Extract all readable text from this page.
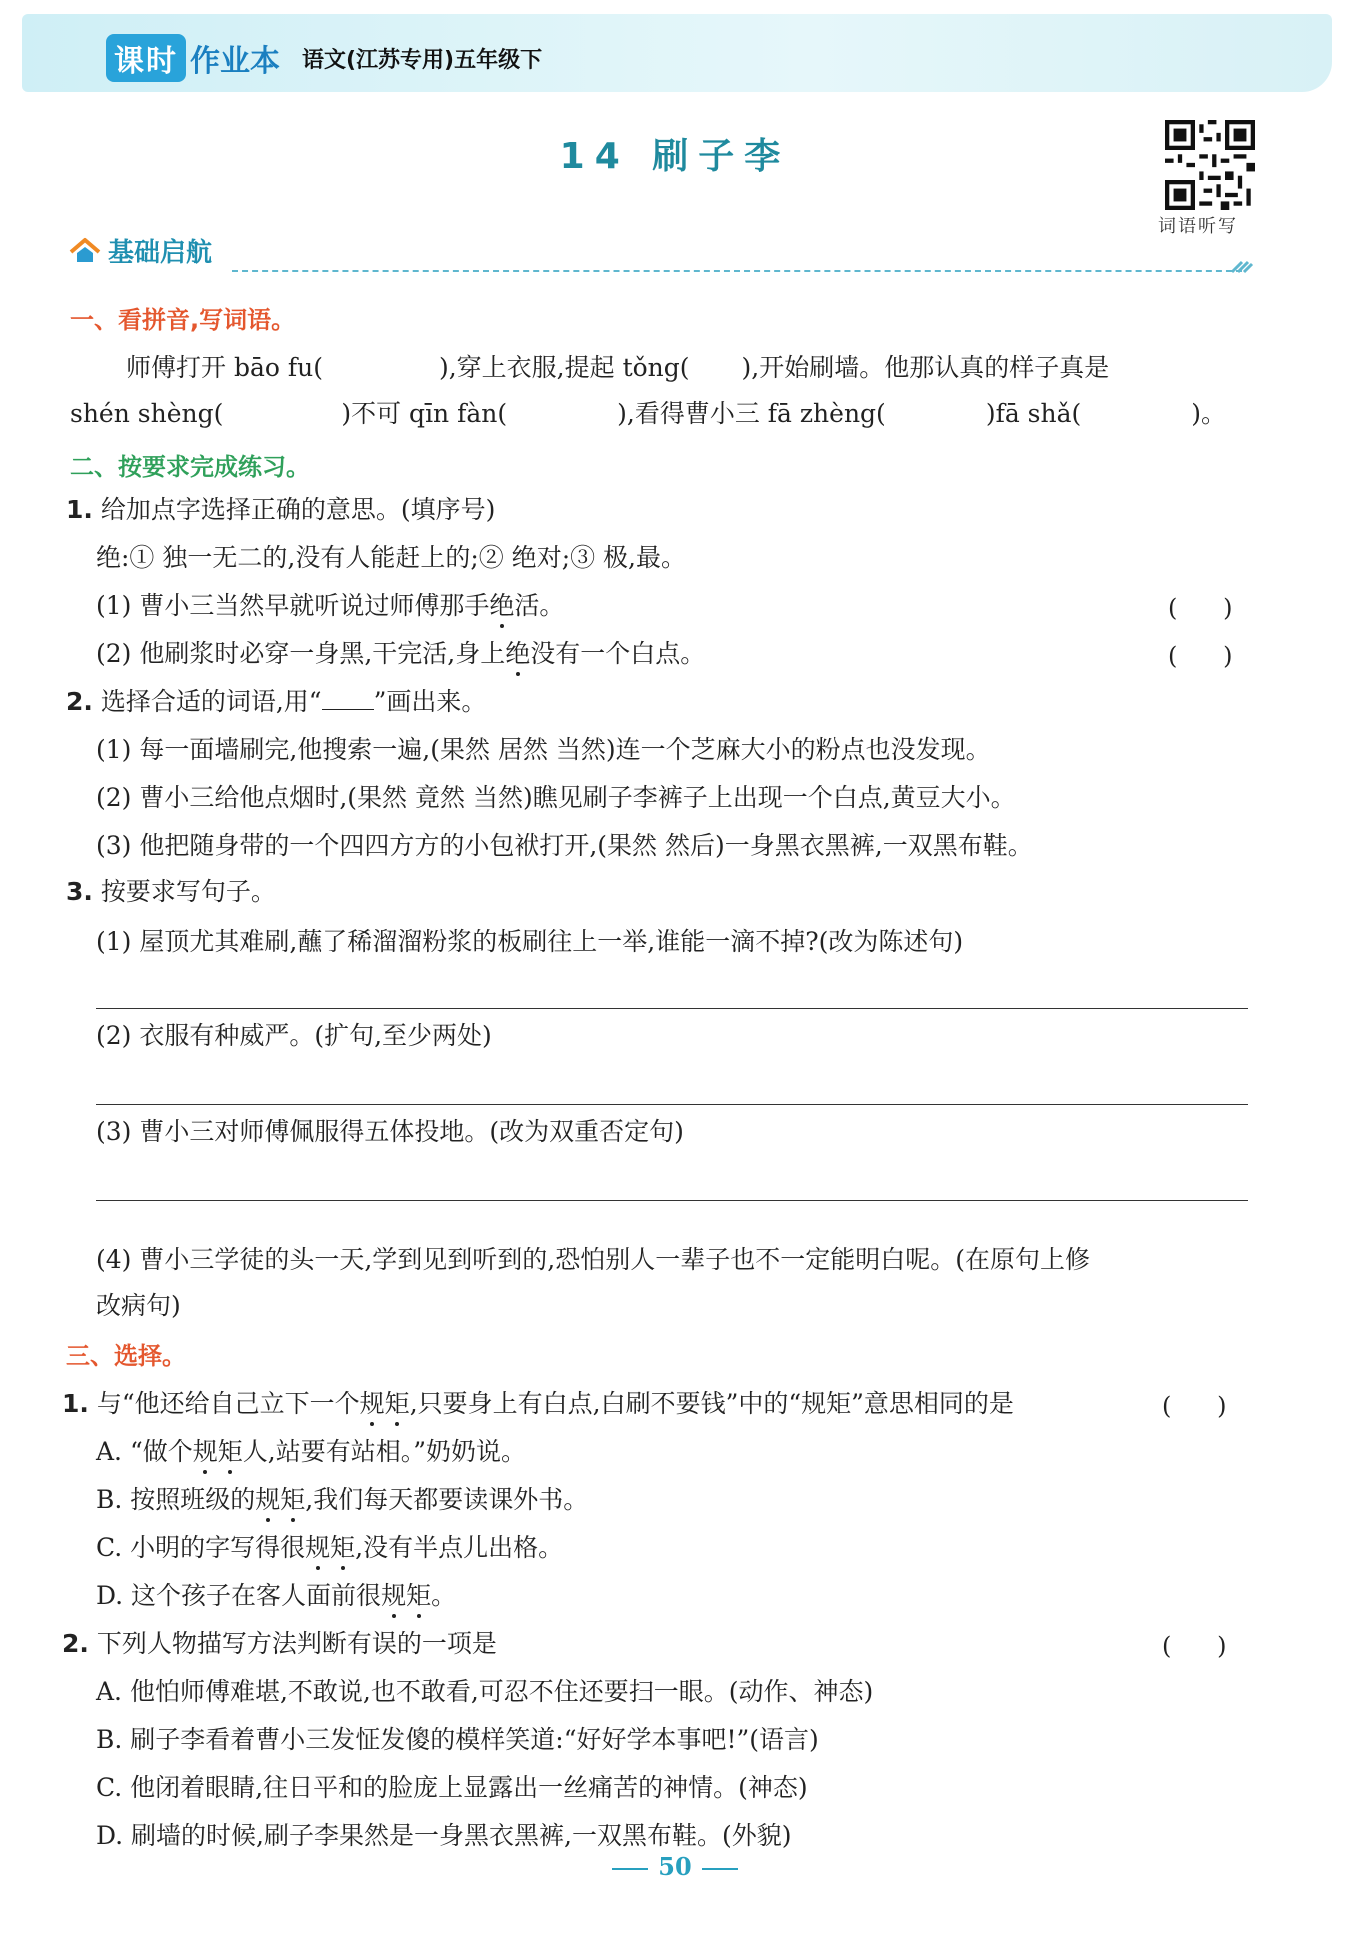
课时 作业本 语文(江苏专用)五年级下
14 刷子李
词语听写
基础启航
一、看拼音,写词语。
师傅打开 bāo fu(	),穿上衣服,提起 tǒng( ),开始刷墙。他那认真的样子真是
shén shèng(	)不可 qīn fàn(	),看得曹小三 fā zhèng(	)fā shǎ(	)。
二、按要求完成练习。
1. 给加点字选择正确的意思。(填序号)
绝:① 独一无二的,没有人能赶上的;② 绝对;③ 极,最。
(1) 曹小三当然早就听说过师傅那手绝活。	(      )
(2) 他刷浆时必穿一身黑,干完活,身上绝没有一个白点。	(      )
2. 选择合适的词语,用“ ”画出来。
(1) 每一面墙刷完,他搜索一遍,(果然 居然 当然)连一个芝麻大小的粉点也没发现。
(2) 曹小三给他点烟时,(果然 竟然 当然)瞧见刷子李裤子上出现一个白点,黄豆大小。
(3) 他把随身带的一个四四方方的小包袱打开,(果然 然后)一身黑衣黑裤,一双黑布鞋。
3. 按要求写句子。
(1) 屋顶尤其难刷,蘸了稀溜溜粉浆的板刷往上一举,谁能一滴不掉?(改为陈述句)
(2) 衣服有种威严。(扩句,至少两处)
(3) 曹小三对师傅佩服得五体投地。(改为双重否定句)
(4) 曹小三学徒的头一天,学到见到听到的,恐怕别人一辈子也不一定能明白呢。(在原句上修
改病句)
三、选择。
1. 与“他还给自己立下一个规矩,只要身上有白点,白刷不要钱”中的“规矩”意思相同的是	(      )
A. “做个规矩人,站要有站相。”奶奶说。
B. 按照班级的规矩,我们每天都要读课外书。
C. 小明的字写得很规矩,没有半点儿出格。
D. 这个孩子在客人面前很规矩。
2. 下列人物描写方法判断有误的一项是	(      )
A. 他怕师傅难堪,不敢说,也不敢看,可忍不住还要扫一眼。(动作、神态)
B. 刷子李看着曹小三发怔发傻的模样笑道:“好好学本事吧!”(语言)
C. 他闭着眼睛,往日平和的脸庞上显露出一丝痛苦的神情。(神态)
D. 刷墙的时候,刷子李果然是一身黑衣黑裤,一双黑布鞋。(外貌)
50
